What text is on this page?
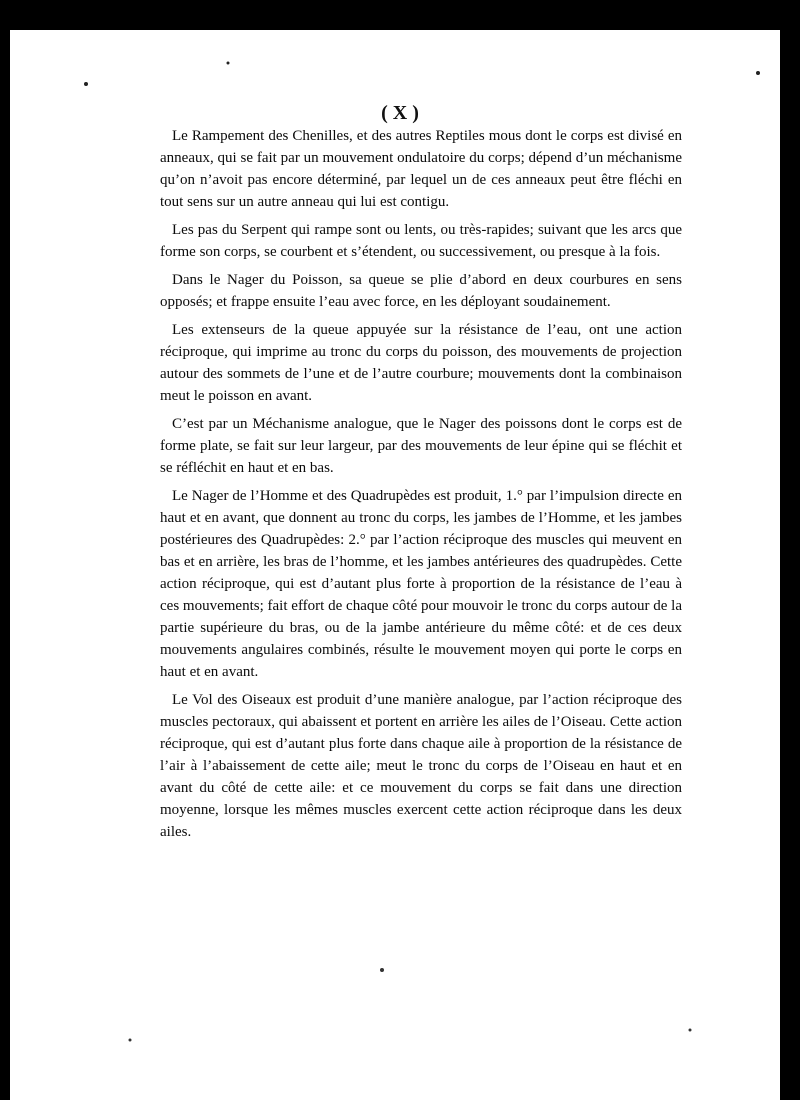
( X )

Le Rampement des Chenilles, et des autres Reptiles mous dont le corps est divisé en anneaux, qui se fait par un mouvement ondulatoire du corps; dépend d’un méchanisme qu’on n’avoit pas encore déterminé, par lequel un de ces anneaux peut être fléchi en tout sens sur un autre anneau qui lui est contigu.

Les pas du Serpent qui rampe sont ou lents, ou très-rapides; suivant que les arcs que forme son corps, se courbent et s’étendent, ou successivement, ou presque à la fois.

Dans le Nager du Poisson, sa queue se plie d’abord en deux courbures en sens opposés; et frappe ensuite l’eau avec force, en les déployant soudainement.

Les extenseurs de la queue appuyée sur la résistance de l’eau, ont une action réciproque, qui imprime au tronc du corps du poisson, des mouvements de projection autour des sommets de l’une et de l’autre courbure; mouvements dont la combinaison meut le poisson en avant.

C’est par un Méchanisme analogue, que le Nager des poissons dont le corps est de forme plate, se fait sur leur largeur, par des mouvements de leur épine qui se fléchit et se réfléchit en haut et en bas.

Le Nager de l’Homme et des Quadrupèdes est produit, 1.° par l’impulsion directe en haut et en avant, que donnent au tronc du corps, les jambes de l’Homme, et les jambes postérieures des Quadrupèdes: 2.° par l’action réciproque des muscles qui meuvent en bas et en arrière, les bras de l’homme, et les jambes antérieures des quadrupèdes. Cette action réciproque, qui est d’autant plus forte à proportion de la résistance de l’eau à ces mouvements; fait effort de chaque côté pour mouvoir le tronc du corps autour de la partie supérieure du bras, ou de la jambe antérieure du même côté: et de ces deux mouvements angulaires combinés, résulte le mouvement moyen qui porte le corps en haut et en avant.

Le Vol des Oiseaux est produit d’une manière analogue, par l’action réciproque des muscles pectoraux, qui abaissent et portent en arrière les ailes de l’Oiseau. Cette action réciproque, qui est d’autant plus forte dans chaque aile à proportion de la résistance de l’air à l’abaissement de cette aile; meut le tronc du corps de l’Oiseau en haut et en avant du côté de cette aile: et ce mouvement du corps se fait dans une direction moyenne, lorsque les mêmes muscles exercent cette action réciproque dans les deux ailes.
